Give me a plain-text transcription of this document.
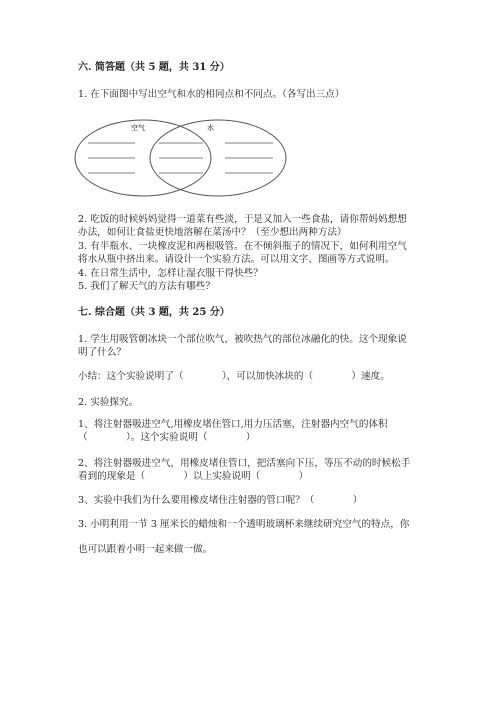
六. 简答题（共 5 题，共 31 分）
1. 在下面图中写出空气和水的相同点和不同点。（各写出三点）
空气	水
2. 吃饭的时候妈妈觉得一道菜有些淡，于是又加入一些食盐，请你帮妈妈想想
办法，如何让食盐更快地溶解在菜汤中？（至少想出两种方法）
3. 有半瓶水、一块橡皮泥和两根吸管。在不倾斜瓶子的情况下，如何利用空气
将水从瓶中挤出来。请设计一个实验方法。可以用文字、图画等方式说明。
4. 在日常生活中，怎样让湿衣服干得快些？
5. 我们了解天气的方法有哪些？
七. 综合题（共 3 题，共 25 分）
1. 学生用吸管朝冰块一个部位吹气，被吹热气的部位冰融化的快。这个现象说
明了什么？
小结：这个实验说明了（　　　　），可以加快冰块的（　　　　）速度。
2. 实验探究。
1、将注射器吸进空气,用橡皮堵住管口,用力压活塞，注射器内空气的体积
（　　　　）。这个实验说明（　　　　）
2、将注射器吸进空气，用橡皮堵住管口，把活塞向下压，等压不动的时候松手
看到的现象是（　　　　）以上实验说明（　　　　）
3、实验中我们为什么要用橡皮堵住注射器的管口呢？（　　　　）
3. 小明利用一节 3 厘米长的蜡烛和一个透明玻璃杯来继续研究空气的特点，你
也可以跟着小明一起来做一做。
